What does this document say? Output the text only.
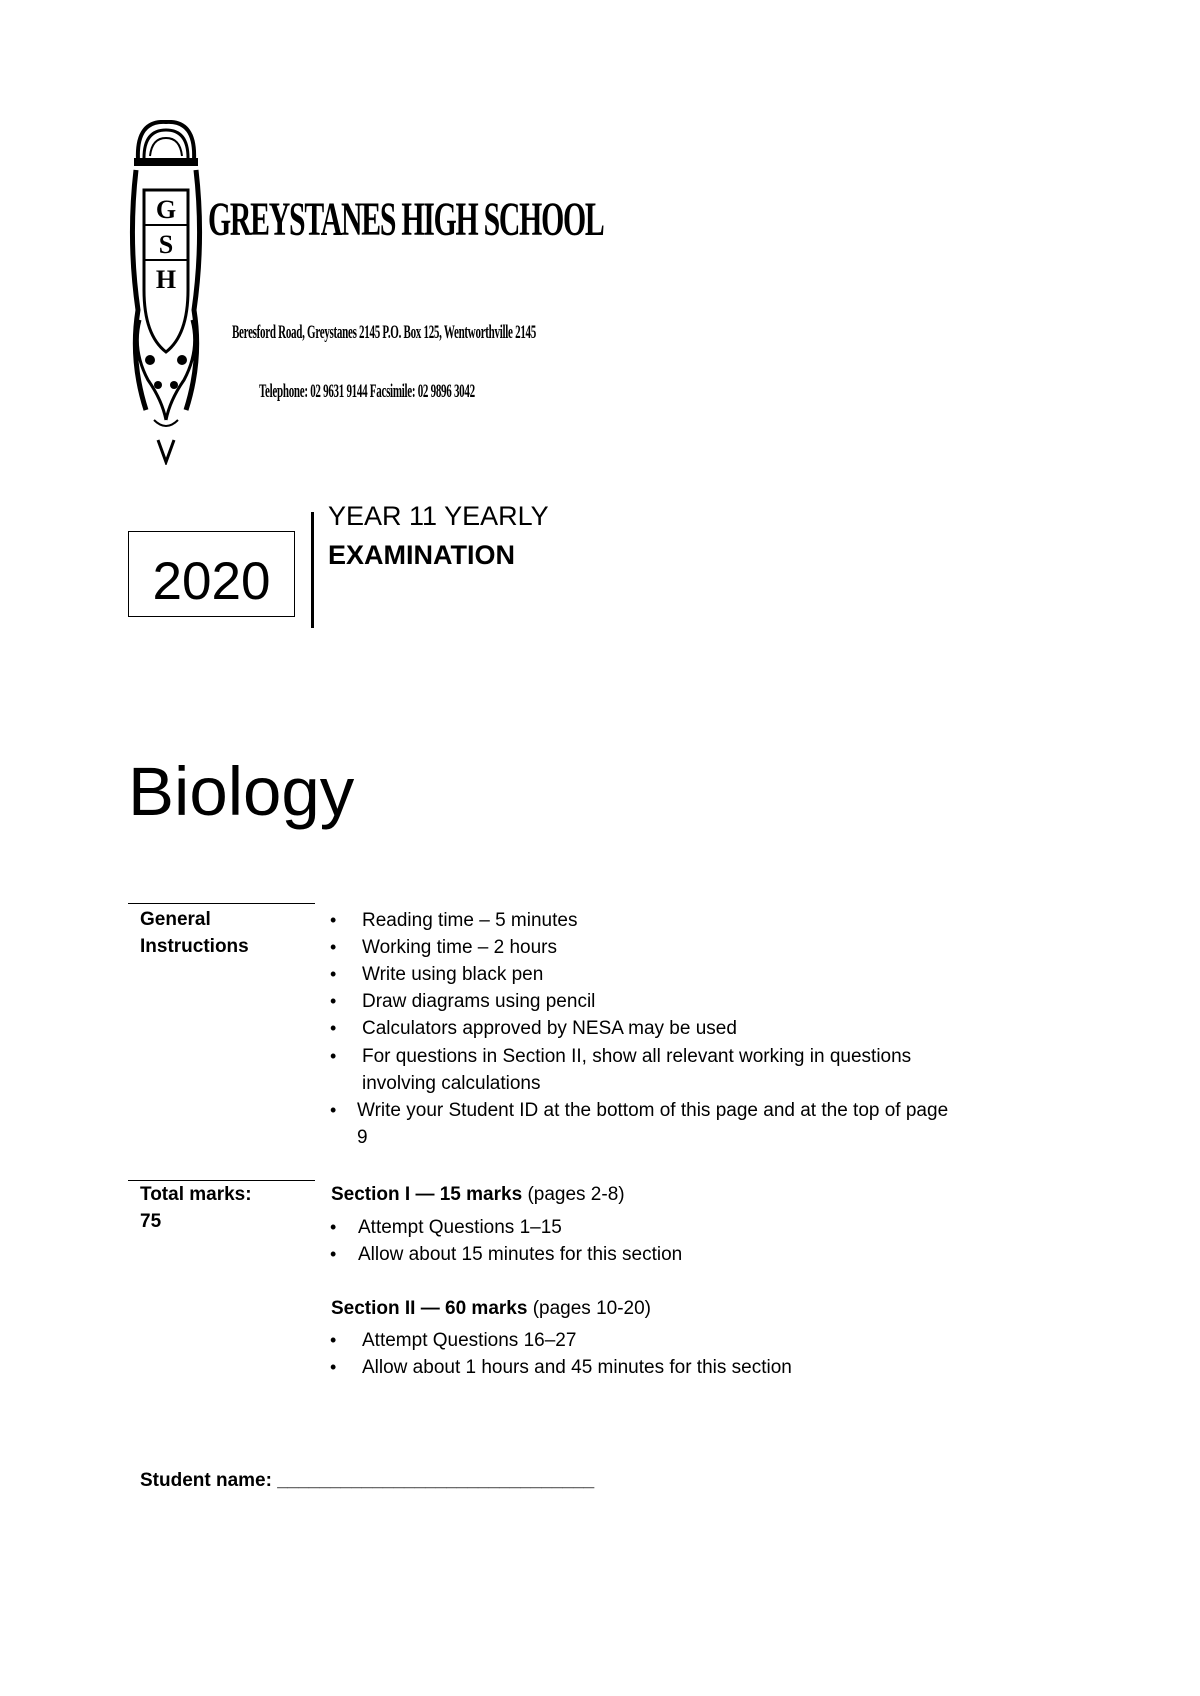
G
S
H
GREYSTANES HIGH SCHOOL
Beresford Road, Greystanes 2145 P.O. Box 125, Wentworthville 2145
Telephone: 02 9631 9144 Facsimile: 02 9896 3042
2020
YEAR 11 YEARLY
EXAMINATION
Biology
General Instructions
• Reading time – 5 minutes
• Working time – 2 hours
• Write using black pen
• Draw diagrams using pencil
• Calculators approved by NESA may be used
• For questions in Section II, show all relevant working in questions involving calculations
• Write your Student ID at the bottom of this page and at the top of page 9
Total marks:
75
Section I — 15 marks (pages 2-8)
• Attempt Questions 1–15
• Allow about 15 minutes for this section
Section II — 60 marks (pages 10-20)
• Attempt Questions 16–27
• Allow about 1 hours and 45 minutes for this section
Student name: ______________________________
